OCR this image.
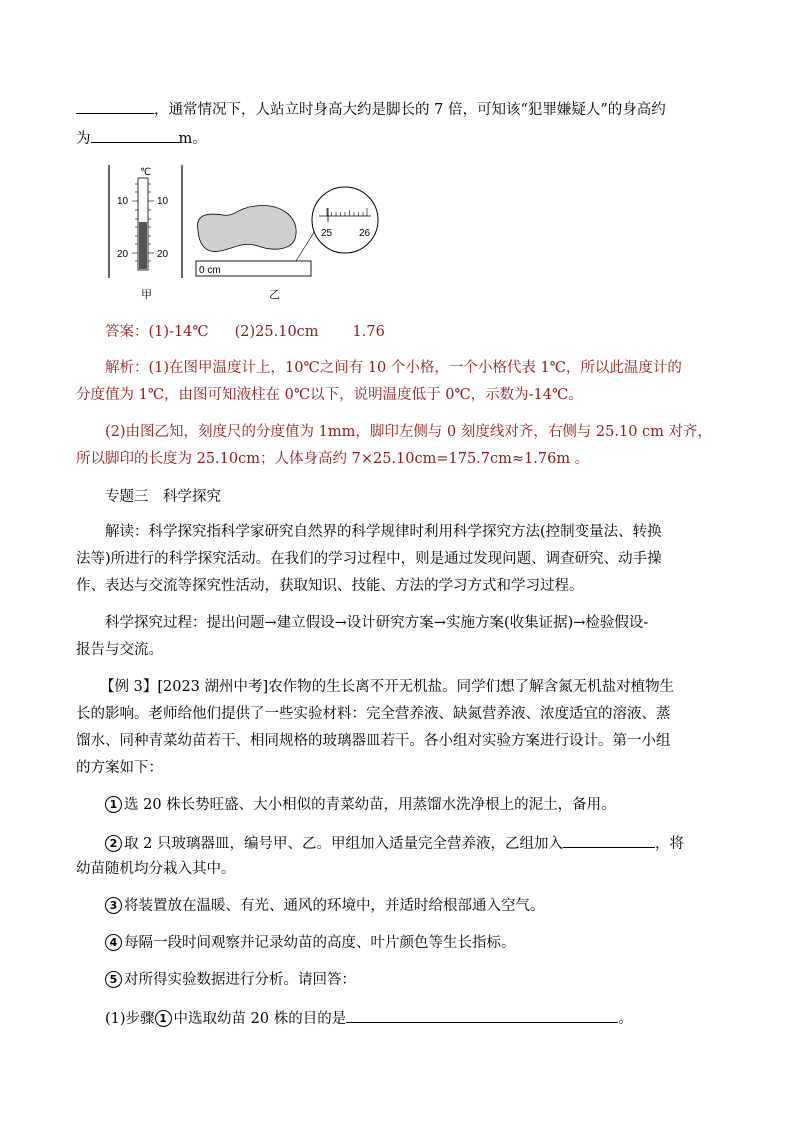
，通常情况下，人站立时身高大约是脚长的 7 倍，可知该“犯罪嫌疑人”的身高约
为	m。
℃
10	10
20	20
甲
0 cm
25	26
乙
答案：(1)-14℃ (2)25.10cm 1.76
解析：(1)在图甲温度计上，10℃之间有 10 个小格，一个小格代表 1℃，所以此温度计的
分度值为 1℃，由图可知液柱在 0℃以下，说明温度低于 0℃，示数为-14℃。
(2)由图乙知，刻度尺的分度值为 1mm，脚印左侧与 0 刻度线对齐，右侧与 25.10 cm 对齐，
所以脚印的长度为 25.10cm；人体身高约 7×25.10cm=175.7cm≈1.76m 。
专题三　科学探究
解读：科学探究指科学家研究自然界的科学规律时利用科学探究方法(控制变量法、转换
法等)所进行的科学探究活动。在我们的学习过程中，则是通过发现问题、调查研究、动手操
作、表达与交流等探究性活动，获取知识、技能、方法的学习方式和学习过程。
科学探究过程：提出问题→建立假设→设计研究方案→实施方案(收集证据)→检验假设-
报告与交流。
【例 3】[2023 湖州中考]农作物的生长离不开无机盐。同学们想了解含氮无机盐对植物生
长的影响。老师给他们提供了一些实验材料：完全营养液、缺氮营养液、浓度适宜的溶液、蒸
馏水、同种青菜幼苗若干、相同规格的玻璃器皿若干。各小组对实验方案进行设计。第一小组
的方案如下：
1 选 20 株长势旺盛、大小相似的青菜幼苗，用蒸馏水洗净根上的泥土，备用。
2 取 2 只玻璃器皿，编号甲、乙。甲组加入适量完全营养液，乙组加入	，将
幼苗随机均分栽入其中。
3 将装置放在温暖、有光、通风的环境中，并适时给根部通入空气。
4 每隔一段时间观察并记录幼苗的高度、叶片颜色等生长指标。
5 对所得实验数据进行分析。请回答：
(1)步骤 1 中选取幼苗 20 株的目的是	。
